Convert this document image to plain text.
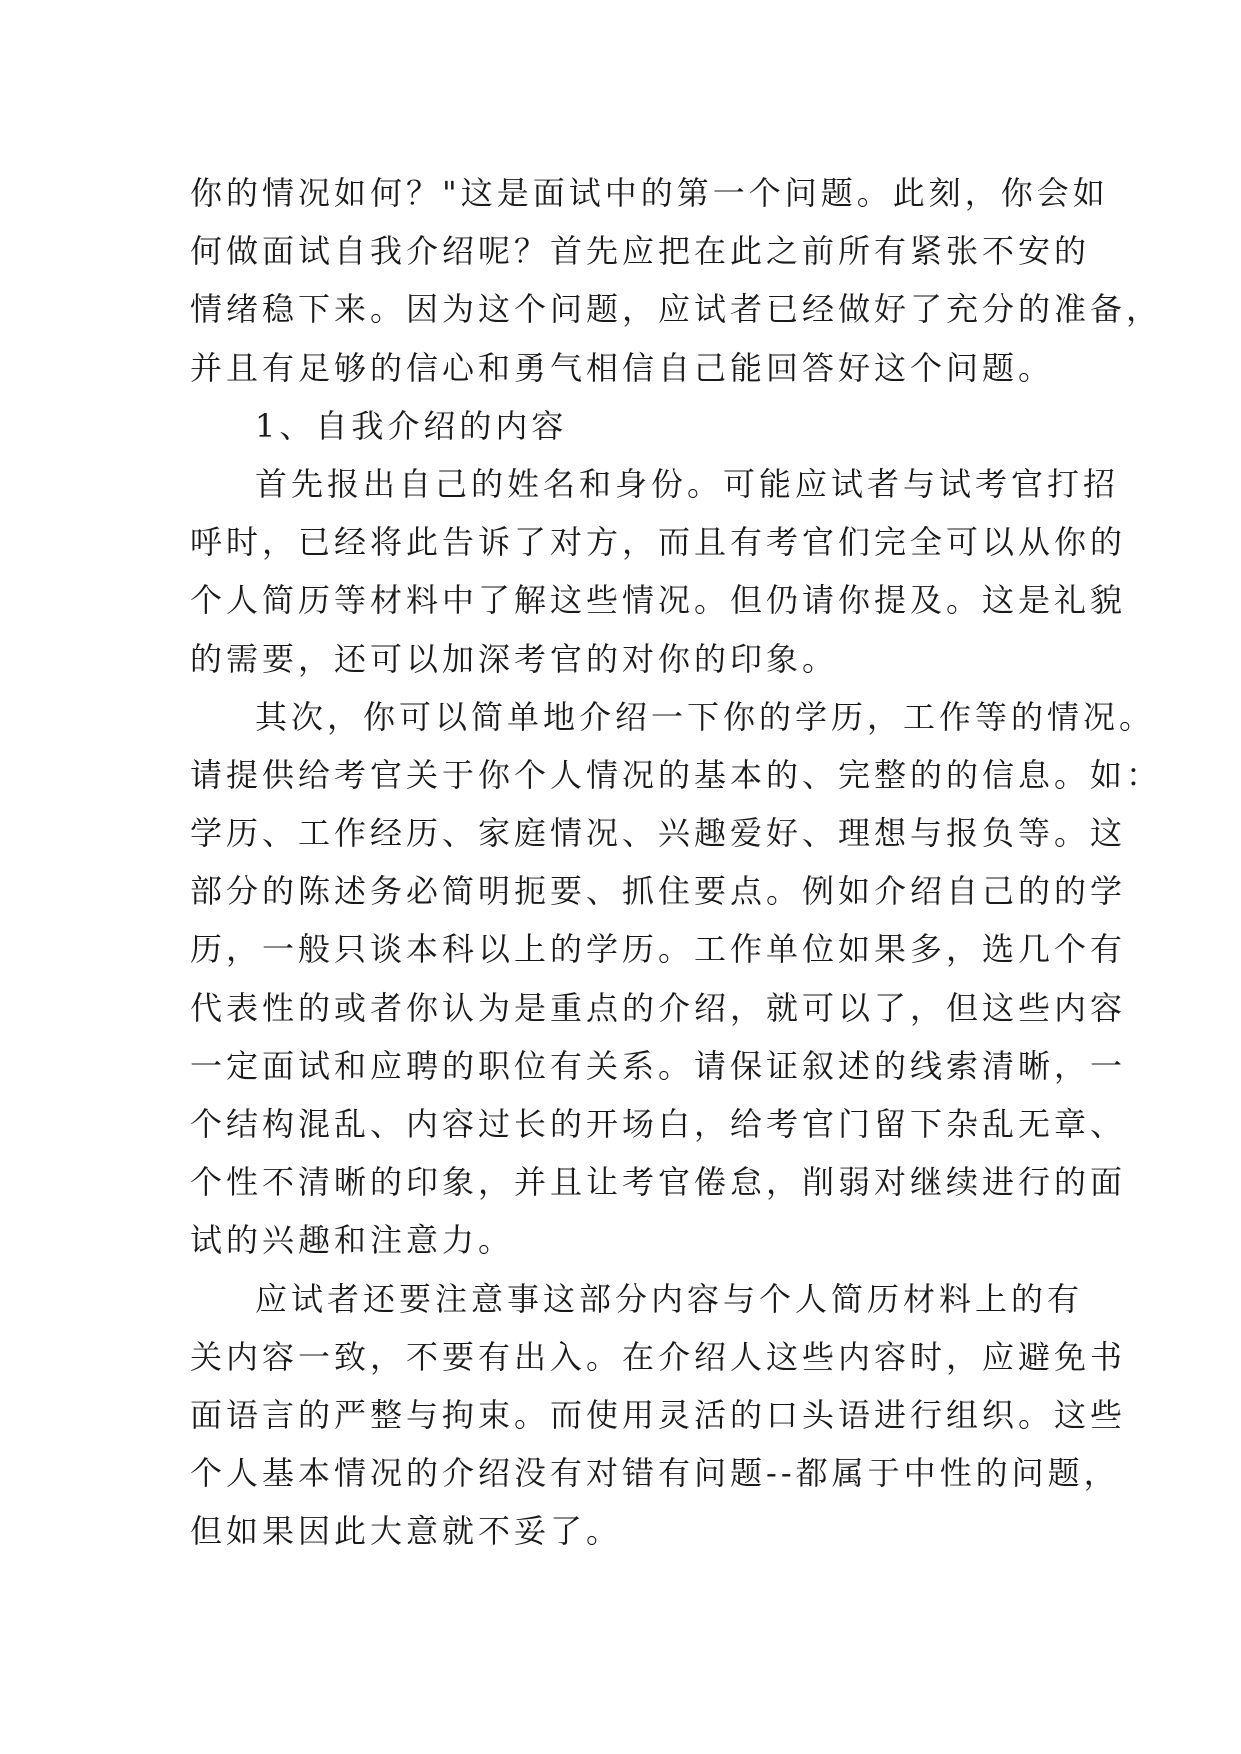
你的情况如何？"这是面试中的第一个问题。此刻，你会如
何做面试自我介绍呢？首先应把在此之前所有紧张不安的
情绪稳下来。因为这个问题，应试者已经做好了充分的准备，
并且有足够的信心和勇气相信自己能回答好这个问题。
1、自我介绍的内容
首先报出自己的姓名和身份。可能应试者与试考官打招
呼时，已经将此告诉了对方，而且有考官们完全可以从你的
个人简历等材料中了解这些情况。但仍请你提及。这是礼貌
的需要，还可以加深考官的对你的印象。
其次，你可以简单地介绍一下你的学历，工作等的情况。
请提供给考官关于你个人情况的基本的、完整的的信息。如：
学历、工作经历、家庭情况、兴趣爱好、理想与报负等。这
部分的陈述务必简明扼要、抓住要点。例如介绍自己的的学
历，一般只谈本科以上的学历。工作单位如果多，选几个有
代表性的或者你认为是重点的介绍，就可以了，但这些内容
一定面试和应聘的职位有关系。请保证叙述的线索清晰，一
个结构混乱、内容过长的开场白，给考官门留下杂乱无章、
个性不清晰的印象，并且让考官倦怠，削弱对继续进行的面
试的兴趣和注意力。
应试者还要注意事这部分内容与个人简历材料上的有
关内容一致，不要有出入。在介绍人这些内容时，应避免书
面语言的严整与拘束。而使用灵活的口头语进行组织。这些
个人基本情况的介绍没有对错有问题--都属于中性的问题，
但如果因此大意就不妥了。
